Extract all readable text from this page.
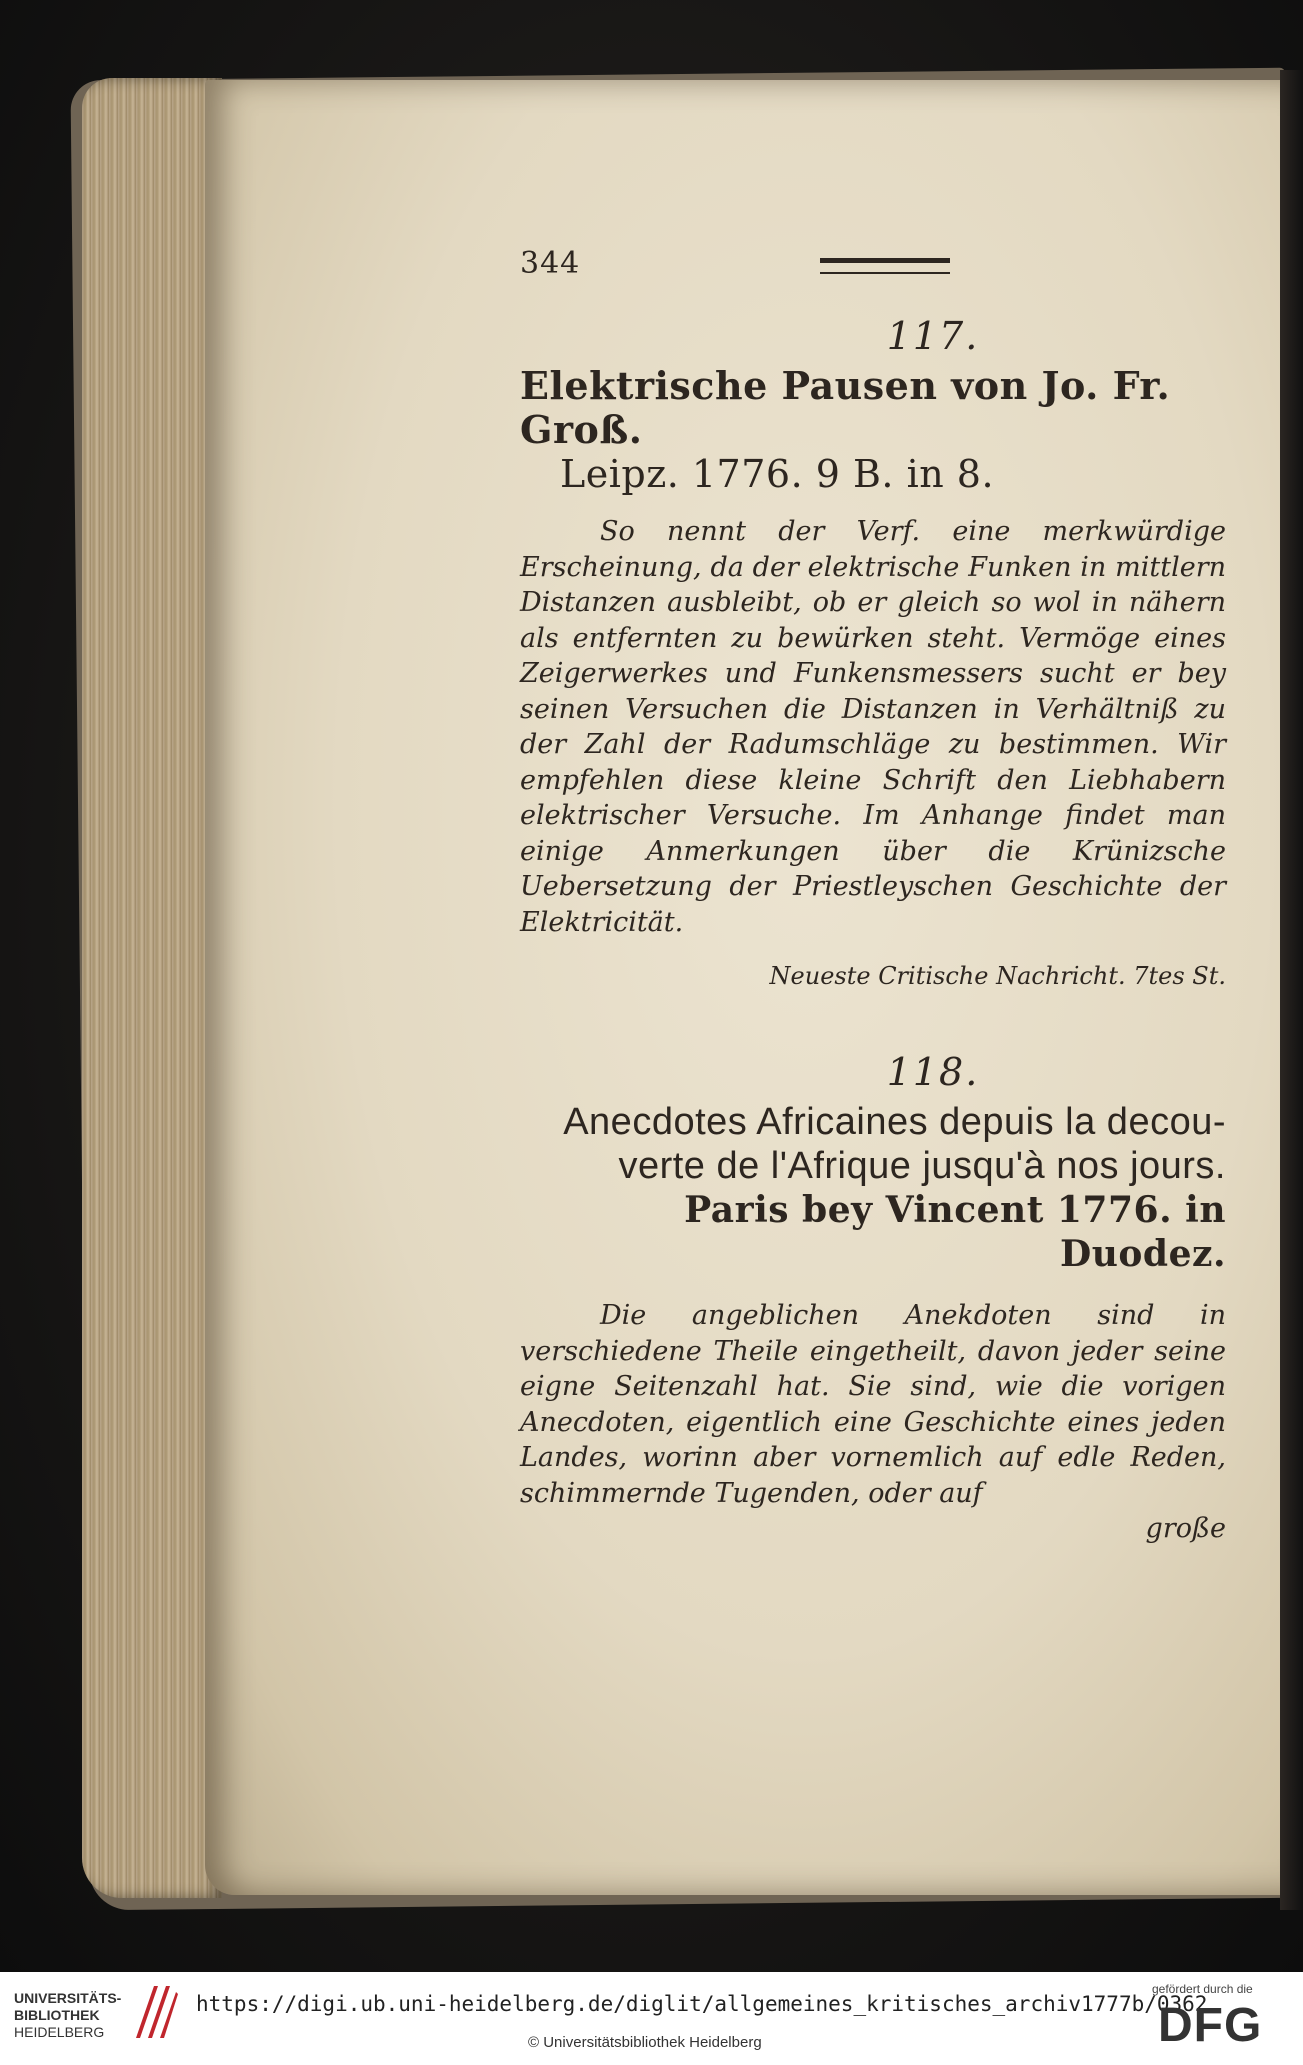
344
117.
Elektrische Pausen von Jo. Fr. Groß.
Leipz. 1776. 9 B. in 8.

So nennt der Verf. eine merkwürdige Erscheinung, da der elektrische Funken in mittlern Distanzen ausbleibt, ob er gleich so wol in nähern als entfernten zu bewürken steht. Vermöge eines Zeigerwerkes und Funkensmessers sucht er bey seinen Versuchen die Distanzen in Verhältniß zu der Zahl der Radumschläge zu bestimmen. Wir empfehlen diese kleine Schrift den Liebhabern elektrischer Versuche. Im Anhange findet man einige Anmerkungen über die Krünizsche Uebersetzung der Priestleyschen Geschichte der Elektricität.

Neueste Critische Nachricht. 7tes St.
118.
Anecdotes Africaines depuis la decou-
verte de l'Afrique jusqu'à nos jours.
Paris bey Vincent 1776. in Duodez.

Die angeblichen Anekdoten sind in verschiedene Theile eingetheilt, davon jeder seine eigne Seitenzahl hat. Sie sind, wie die vorigen Anecdoten, eigentlich eine Geschichte eines jeden Landes, worinn aber vornemlich auf edle Reden, schimmernde Tugenden, oder auf

große
UNIVERSITÄTS-
BIBLIOTHEK
HEIDELBERG
https://digi.ub.uni-heidelberg.de/diglit/allgemeines_kritisches_archiv1777b/0362
© Universitätsbibliothek Heidelberg
gefördert durch die
DFG
